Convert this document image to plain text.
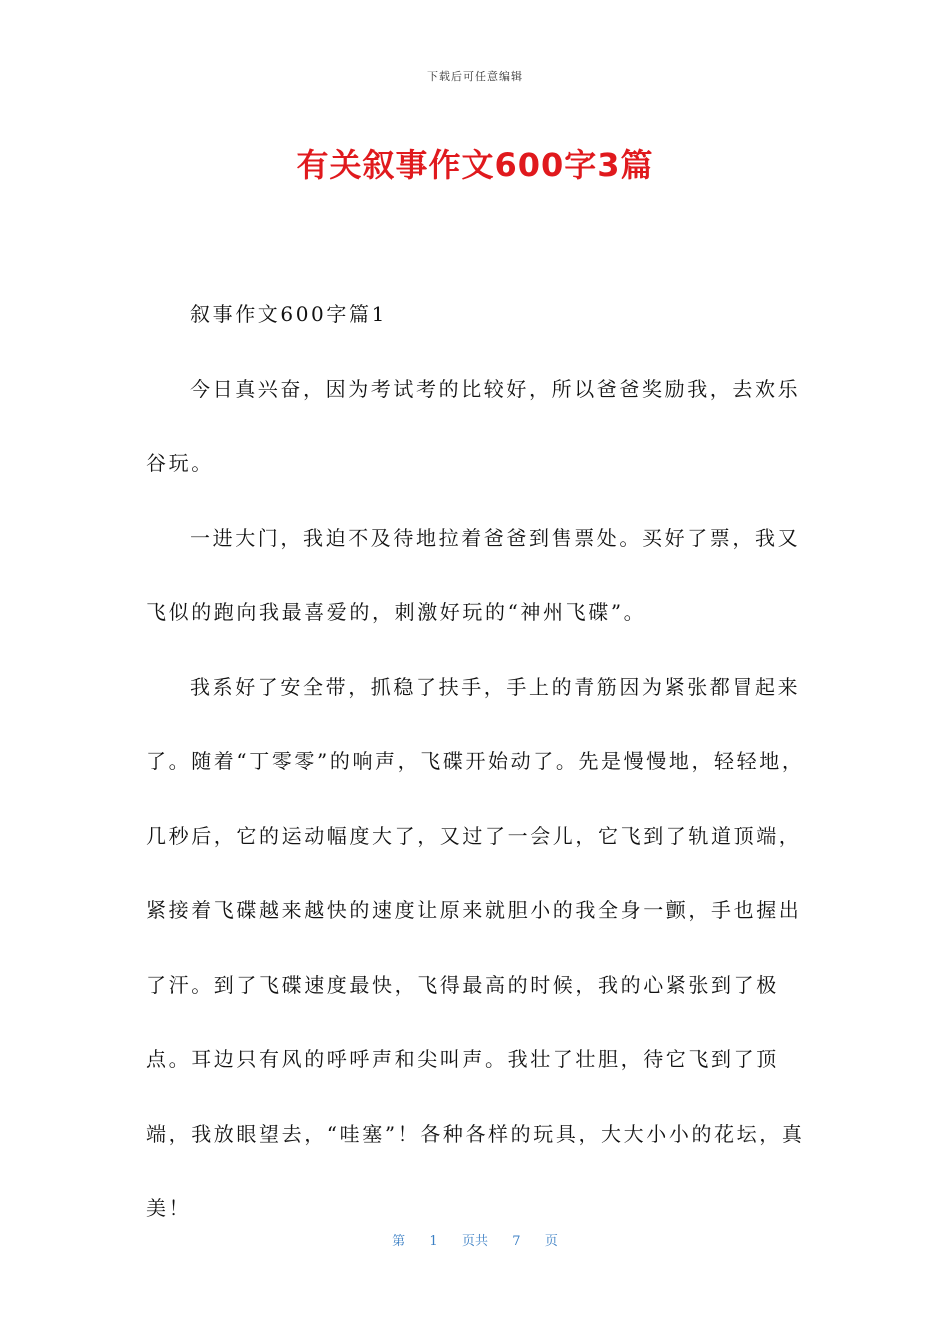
下载后可任意编辑
有关叙事作文600字3篇

叙事作文600字篇1

今日真兴奋，因为考试考的比较好，所以爸爸奖励我，去欢乐谷玩。

一进大门，我迫不及待地拉着爸爸到售票处。买好了票，我又飞似的跑向我最喜爱的，刺激好玩的“神州飞碟”。

我系好了安全带，抓稳了扶手，手上的青筋因为紧张都冒起来了。随着“丁零零”的响声，飞碟开始动了。先是慢慢地，轻轻地，几秒后，它的运动幅度大了，又过了一会儿，它飞到了轨道顶端，紧接着飞碟越来越快的速度让原来就胆小的我全身一颤，手也握出了汗。到了飞碟速度最快，飞得最高的时候，我的心紧张到了极点。耳边只有风的呼呼声和尖叫声。我壮了壮胆，待它飞到了顶端，我放眼望去，“哇塞”！各种各样的玩具，大大小小的花坛，真美！

第 1 页共 7 页
